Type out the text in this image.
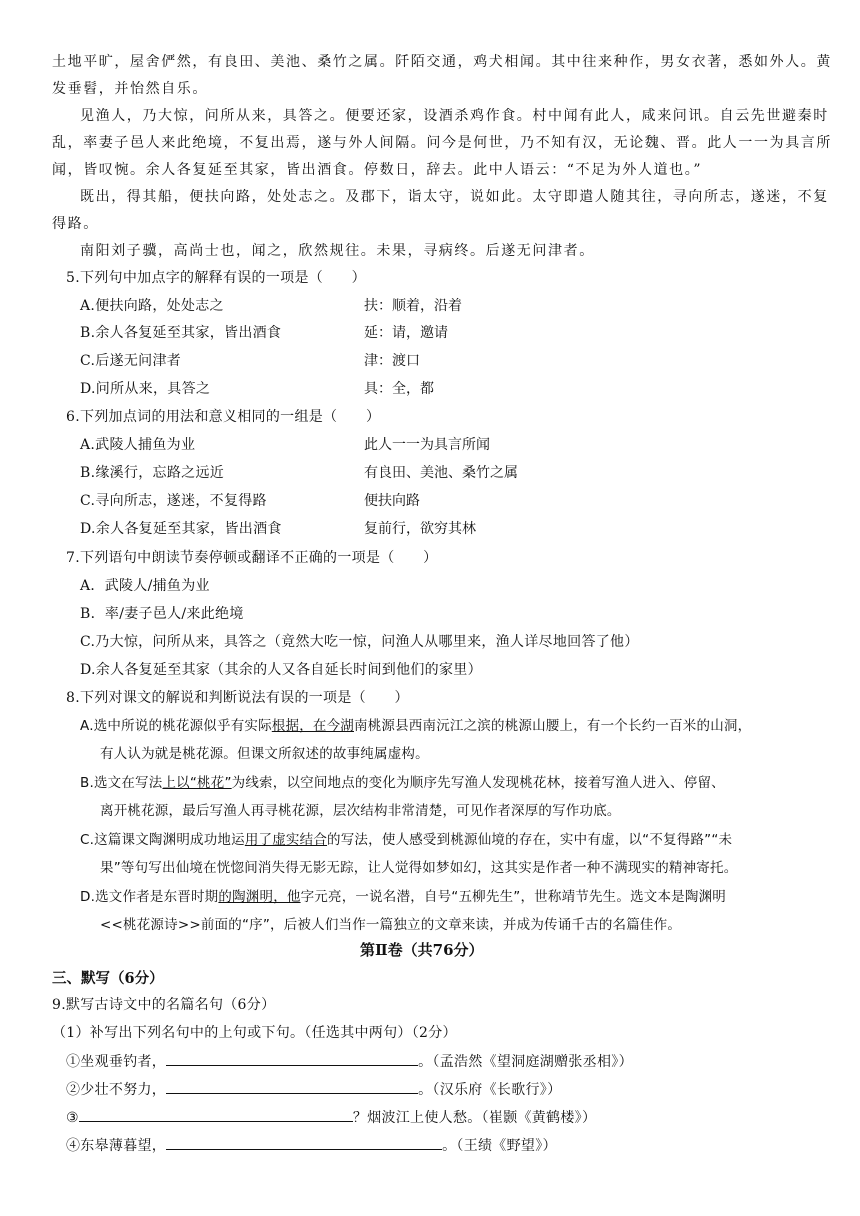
土地平旷，屋舍俨然，有良田、美池、桑竹之属。阡陌交通，鸡犬相闻。其中往来种作，男女衣著，悉如外人。黄
发垂髫，并怡然自乐。
见渔人，乃大惊，问所从来，具答之。便要还家，设酒杀鸡作食。村中闻有此人，咸来问讯。自云先世避秦时
乱，率妻子邑人来此绝境，不复出焉，遂与外人间隔。问今是何世，乃不知有汉，无论魏、晋。此人一一为具言所
闻，皆叹惋。余人各复延至其家，皆出酒食。停数日，辞去。此中人语云：“不足为外人道也。”
既出，得其船，便扶向路，处处志之。及郡下，诣太守，说如此。太守即遣人随其往，寻向所志，遂迷，不复
得路。
南阳刘子骥，高尚士也，闻之，欣然规往。未果，寻病终。后遂无问津者。
5.下列句中加点字的解释有误的一项是（　　）
A.便扶向路，处处志之	扶：顺着，沿着
B.余人各复延至其家，皆出酒食	延：请，邀请
C.后遂无问津者	津：渡口
D.问所从来，具答之	具：全，都
6.下列加点词的用法和意义相同的一组是（　　）
A.武陵人捕鱼为业	此人一一为具言所闻
B.缘溪行，忘路之远近	有良田、美池、桑竹之属
C.寻向所志，遂迷，不复得路	便扶向路
D.余人各复延至其家，皆出酒食	复前行，欲穷其林
7.下列语句中朗读节奏停顿或翻译不正确的一项是（　　）
A．武陵人/捕鱼为业
B．率/妻子邑人/来此绝境
C.乃大惊，问所从来，具答之（竟然大吃一惊，问渔人从哪里来，渔人详尽地回答了他）
D.余人各复延至其家（其余的人又各自延长时间到他们的家里）
8.下列对课文的解说和判断说法有误的一项是（　　）
A.选中所说的桃花源似乎有实际根据，在今湖南桃源县西南沅江之滨的桃源山腰上，有一个长约一百米的山洞，
有人认为就是桃花源。但课文所叙述的故事纯属虚构。
B.选文在写法上以“桃花”为线索，以空间地点的变化为顺序先写渔人发现桃花林，接着写渔人进入、停留、
离开桃花源，最后写渔人再寻桃花源，层次结构非常清楚，可见作者深厚的写作功底。
C.这篇课文陶渊明成功地运用了虚实结合的写法，使人感受到桃源仙境的存在，实中有虚，以“不复得路”“未
果”等句写出仙境在恍惚间消失得无影无踪，让人觉得如梦如幻，这其实是作者一种不满现实的精神寄托。
D.选文作者是东晋时期的陶渊明，他字元亮，一说名潜，自号“五柳先生”，世称靖节先生。选文本是陶渊明
<<桃花源诗>>前面的“序”，后被人们当作一篇独立的文章来读，并成为传诵千古的名篇佳作。
第Ⅱ卷（共76分）
三、默写（6分）
9.默写古诗文中的名篇名句（6分）
（1）补写出下列名句中的上句或下句。（任选其中两句）（2分）
①坐观垂钓者，	。（孟浩然《望洞庭湖赠张丞相》）
②少壮不努力，	。（汉乐府《长歌行》）
③	？烟波江上使人愁。（崔颢《黄鹤楼》）
④东皋薄暮望，	。（王绩《野望》）
